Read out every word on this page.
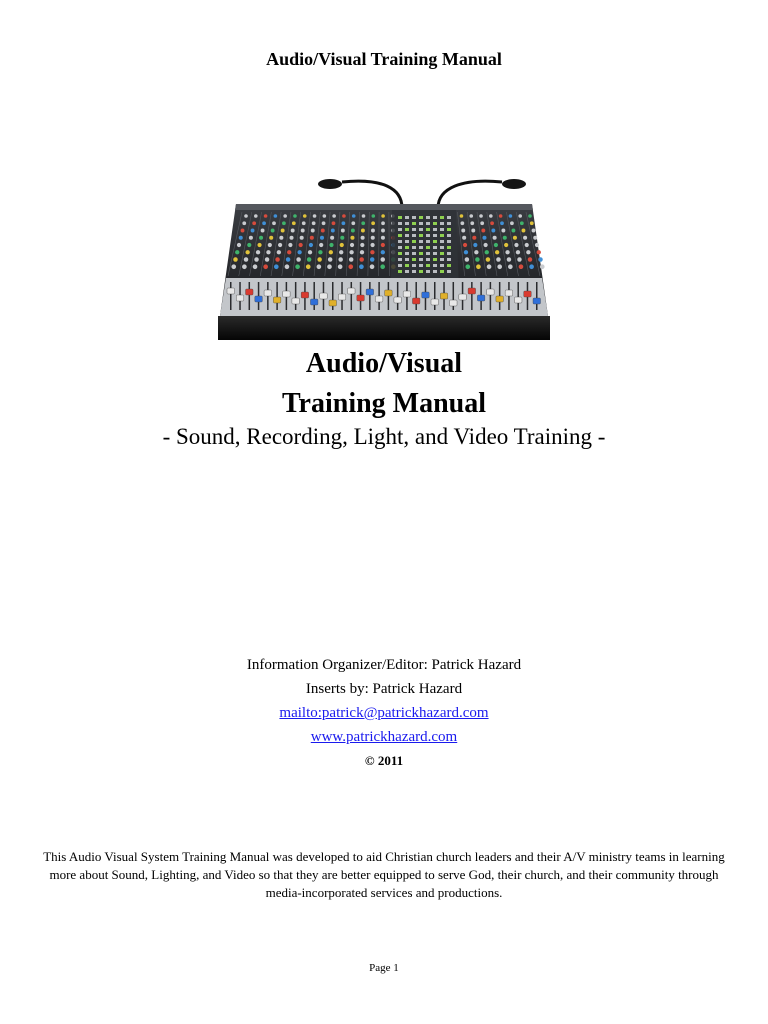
Audio/Visual Training Manual
Audio/Visual
Training Manual
- Sound, Recording, Light, and Video Training -
Information Organizer/Editor: Patrick Hazard
Inserts by: Patrick Hazard
mailto:patrick@patrickhazard.com
www.patrickhazard.com
© 2011
This Audio Visual System Training Manual was developed to aid Christian church leaders and their A/V ministry teams in learning more about Sound, Lighting, and Video so that they are better equipped to serve God, their church, and their community through media-incorporated services and productions.
Page 1
